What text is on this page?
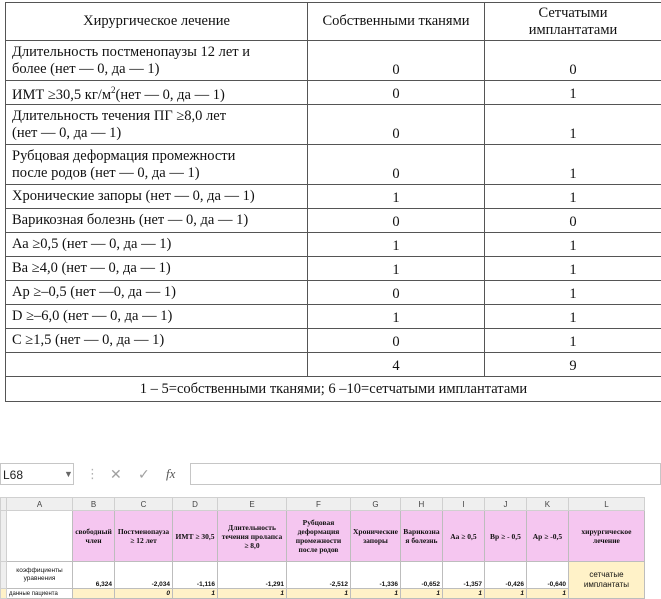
Хирургическое лечение	Собственными тканями	Сетчатыми
имплантатами

Длительность постменопаузы 12 лет и
более (нет — 0, да — 1)	0	0
ИМТ ≥30,5 $кг/м^2(нет$ — 0, да — 1)	0	1

Длительность течения ПГ ≥8,0 лет
(нет — 0, да — 1)	0	1

Рубцовая деформация промежности
после родов (нет — 0, да — 1)	0	1
Хронические запоры (нет — 0, да — 1)	1	1
Варикозная болезнь (нет — 0, да — 1)	0	0
Аа ≥0,5 (нет — 0, да — 1)	1	1
Ва ≥4,0 (нет — 0, да — 1)	1	1
Ар ≥–0,5 (нет —0, да — 1)	0	1
D ≥–6,0 (нет — 0, да — 1)	1	1
С ≥1,5 (нет — 0, да — 1)	0	1
	4	9
1 – 5=собственными тканями; 6 –10=сетчатыми имплантатами		
L68	▼ ⋮ ✕ ✓ fx
	A	B	C	D	E	F	G	H	I	J	K	L
		свободный член	Постменопауза ≥ 12 лет	ИМТ ≥ 30,5	Длительность течения пролапса ≥ 8,0	Рубцовая деформация промежности после родов	Хронические запоры	Варикозна я болезнь	Аа ≥ 0,5	Вр ≥ - 0,5	Ар ≥ -0,5	хирургическое лечение
	коэффициенты уравнения	6,324	-2,034	-1,116	-1,291	-2,512	-1,336	-0,652	-1,357	-0,426	-0,640	сетчатые имплантаты
	данные пациента		0	1	1	1	1	1	1	1	1	
